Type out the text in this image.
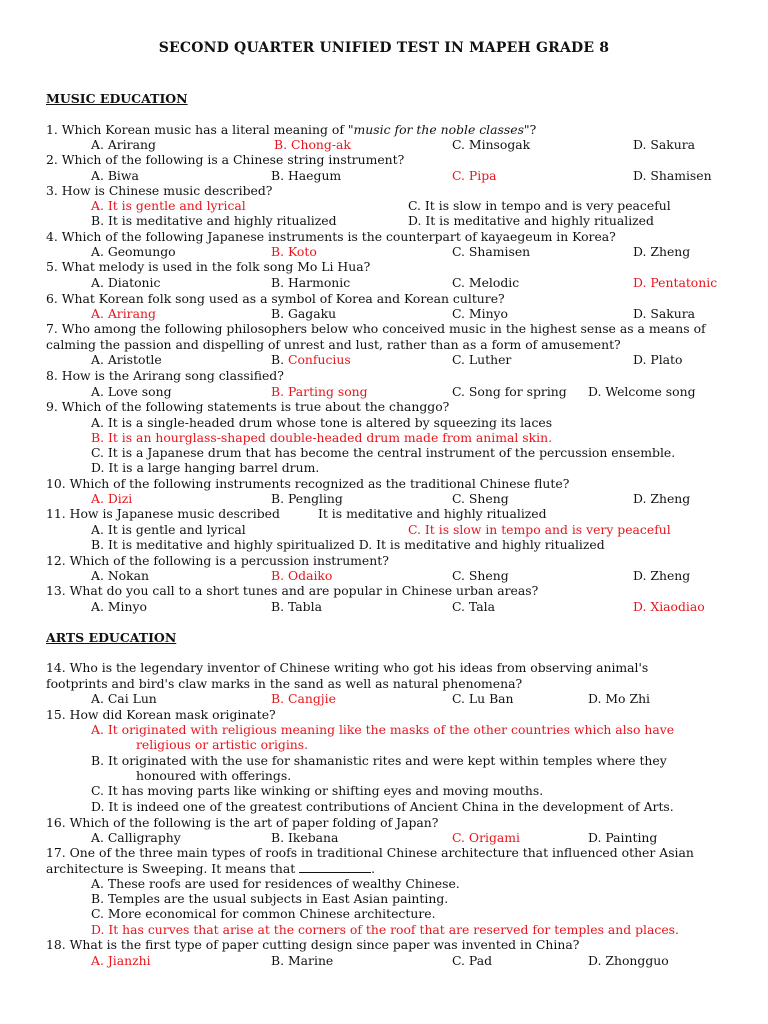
SECOND QUARTER UNIFIED TEST IN MAPEH GRADE 8
MUSIC EDUCATION
1. Which Korean music has a literal meaning of "music for the noble classes"?
A. Arirang	B. Chong-ak	C. Minsogak	D. Sakura
2. Which of the following is a Chinese string instrument?
A. Biwa	B. Haegum	C. Pipa	D. Shamisen
3. How is Chinese music described?
A. It is gentle and lyrical	C. It is slow in tempo and is very peaceful
B. It is meditative and highly ritualized	D. It is meditative and highly ritualized
4. Which of the following Japanese instruments is the counterpart of kayaegeum in Korea?
A. Geomungo	B. Koto	C. Shamisen	D. Zheng
5. What melody is used in the folk song Mo Li Hua?
A. Diatonic	B. Harmonic	C. Melodic	D. Pentatonic
6. What Korean folk song used as a symbol of Korea and Korean culture?
A. Arirang	B. Gagaku	C. Minyo	D. Sakura
7. Who among the following philosophers below who conceived music in the highest sense as a means of
calming the passion and dispelling of unrest and lust, rather than as a form of amusement?
A. Aristotle	B. Confucius	C. Luther	D. Plato
8. How is the Arirang song classified?
A. Love song	B. Parting song	C. Song for spring D. Welcome song
9. Which of the following statements is true about the changgo?
A. It is a single-headed drum whose tone is altered by squeezing its laces
B. It is an hourglass-shaped double-headed drum made from animal skin.
C. It is a Japanese drum that has become the central instrument of the percussion ensemble.
D. It is a large hanging barrel drum.
10. Which of the following instruments recognized as the traditional Chinese flute?
A. Dizi	B. Pengling	C. Sheng	D. Zheng
11. How is Japanese music described	It is meditative and highly ritualized
A. It is gentle and lyrical	C. It is slow in tempo and is very peaceful
B. It is meditative and highly spiritualized D. It is meditative and highly ritualized
12. Which of the following is a percussion instrument?
A. Nokan	B. Odaiko	C. Sheng	D. Zheng
13. What do you call to a short tunes and are popular in Chinese urban areas?
A. Minyo	B. Tabla	C. Tala	D. Xiaodiao
ARTS EDUCATION
14. Who is the legendary inventor of Chinese writing who got his ideas from observing animal's
footprints and bird's claw marks in the sand as well as natural phenomena?
A. Cai Lun	B. Cangjie	C. Lu Ban	D. Mo Zhi
15. How did Korean mask originate?
A. It originated with religious meaning like the masks of the other countries which also have
religious or artistic origins.
B. It originated with the use for shamanistic rites and were kept within temples where they
honoured with offerings.
C. It has moving parts like winking or shifting eyes and moving mouths.
D. It is indeed one of the greatest contributions of Ancient China in the development of Arts.
16. Which of the following is the art of paper folding of Japan?
A. Calligraphy	B. Ikebana	C. Origami	D. Painting
17. One of the three main types of roofs in traditional Chinese architecture that influenced other Asian
architecture is Sweeping. It means that	.
A. These roofs are used for residences of wealthy Chinese.
B. Temples are the usual subjects in East Asian painting.
C. More economical for common Chinese architecture.
D. It has curves that arise at the corners of the roof that are reserved for temples and places.
18. What is the first type of paper cutting design since paper was invented in China?
A. Jianzhi	B. Marine	C. Pad	D. Zhongguo
